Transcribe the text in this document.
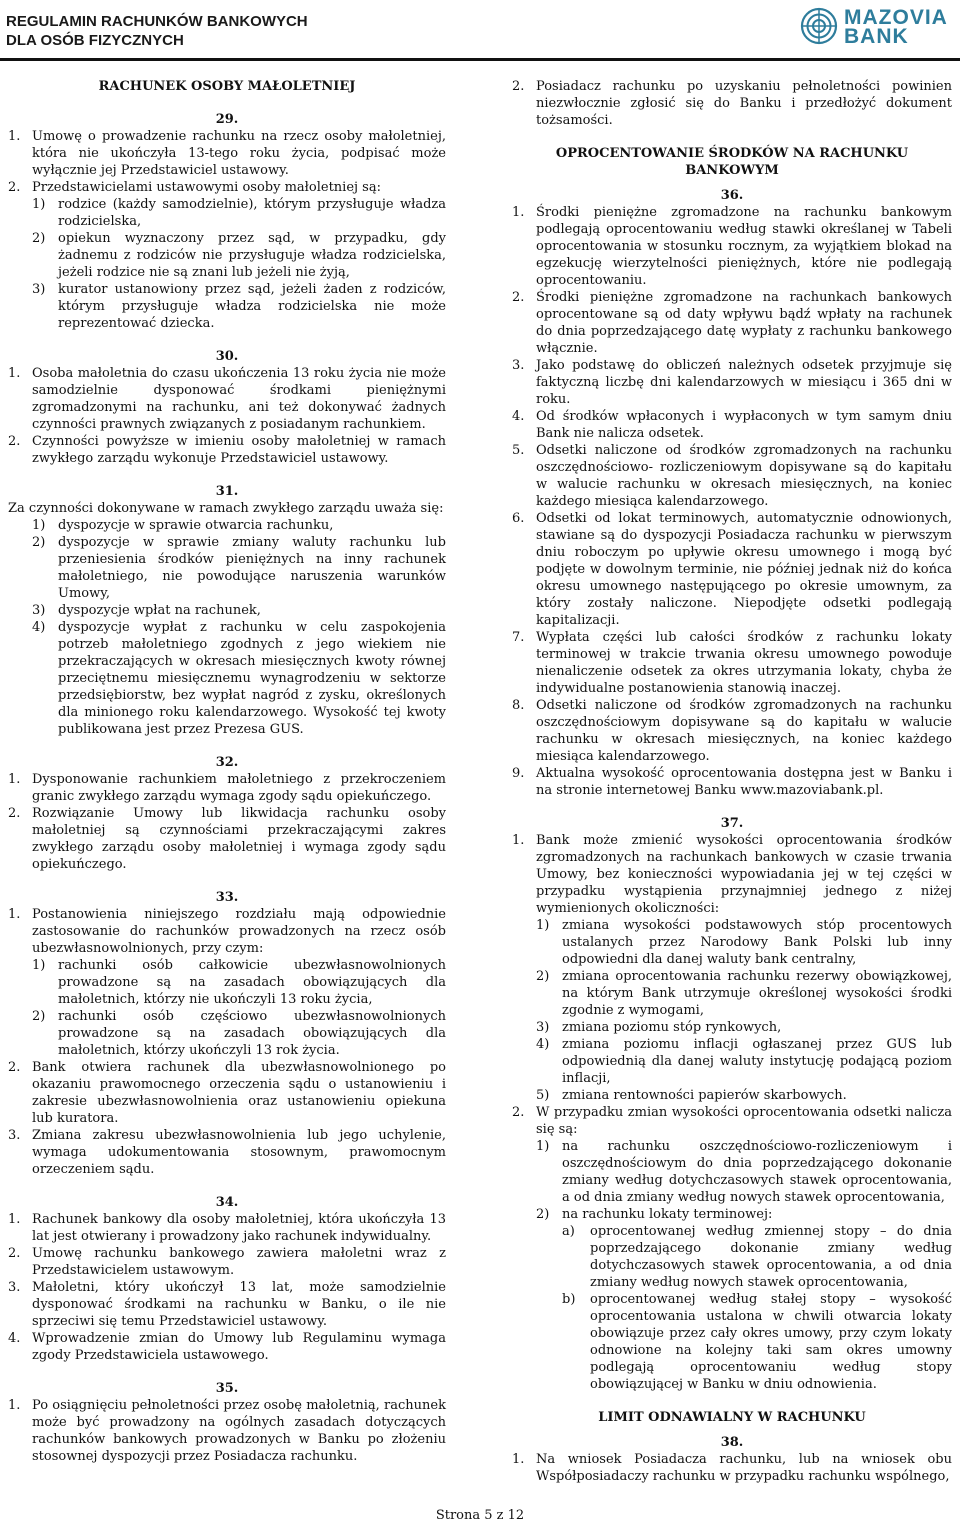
REGULAMIN RACHUNKÓW BANKOWYCH
DLA OSÓB FIZYCZNYCH
MAZOVIA
BANK

RACHUNEK OSOBY MAŁOLETNIEJ

29.

1. Umowę o prowadzenie rachunku na rzecz osoby małoletniej, która nie ukończyła 13-tego roku życia, podpisać może wyłącznie jej Przedstawiciel ustawowy.
2. Przedstawicielami ustawowymi osoby małoletniej są:
1) rodzice (każdy samodzielnie), którym przysługuje władza rodzicielska,
2) opiekun wyznaczony przez sąd, w przypadku, gdy żadnemu z rodziców nie przysługuje władza rodzicielska, jeżeli rodzice nie są znani lub jeżeli nie żyją,
3) kurator ustanowiony przez sąd, jeżeli żaden z rodziców, którym przysługuje władza rodzicielska nie może reprezentować dziecka.

30.

1. Osoba małoletnia do czasu ukończenia 13 roku życia nie może samodzielnie dysponować środkami pieniężnymi zgromadzonymi na rachunku, ani też dokonywać żadnych czynności prawnych związanych z posiadanym rachunkiem.
2. Czynności powyższe w imieniu osoby małoletniej w ramach zwykłego zarządu wykonuje Przedstawiciel ustawowy.

31.

Za czynności dokonywane w ramach zwykłego zarządu uważa się:

1) dyspozycje w sprawie otwarcia rachunku,
2) dyspozycje w sprawie zmiany waluty rachunku lub przeniesienia środków pieniężnych na inny rachunek małoletniego, nie powodujące naruszenia warunków Umowy,
3) dyspozycje wpłat na rachunek,
4) dyspozycje wypłat z rachunku w celu zaspokojenia potrzeb małoletniego zgodnych z jego wiekiem nie przekraczających w okresach miesięcznych kwoty równej przeciętnemu miesięcznemu wynagrodzeniu w sektorze przedsiębiorstw, bez wypłat nagród z zysku, określonych dla minionego roku kalendarzowego. Wysokość tej kwoty publikowana jest przez Prezesa GUS.

32.

1. Dysponowanie rachunkiem małoletniego z przekroczeniem granic zwykłego zarządu wymaga zgody sądu opiekuńczego.
2. Rozwiązanie Umowy lub likwidacja rachunku osoby małoletniej są czynnościami przekraczającymi zakres zwykłego zarządu osoby małoletniej i wymaga zgody sądu opiekuńczego.

33.

1. Postanowienia niniejszego rozdziału mają odpowiednie zastosowanie do rachunków prowadzonych na rzecz osób ubezwłasnowolnionych, przy czym:
1) rachunki osób całkowicie ubezwłasnowolnionych prowadzone są na zasadach obowiązujących dla małoletnich, którzy nie ukończyli 13 roku życia,
2) rachunki osób częściowo ubezwłasnowolnionych prowadzone są na zasadach obowiązujących dla małoletnich, którzy ukończyli 13 rok życia.
2. Bank otwiera rachunek dla ubezwłasnowolnionego po okazaniu prawomocnego orzeczenia sądu o ustanowieniu i zakresie ubezwłasnowolnienia oraz ustanowieniu opiekuna lub kuratora.
3. Zmiana zakresu ubezwłasnowolnienia lub jego uchylenie, wymaga udokumentowania stosownym, prawomocnym orzeczeniem sądu.

34.

1. Rachunek bankowy dla osoby małoletniej, która ukończyła 13 lat jest otwierany i prowadzony jako rachunek indywidualny.
2. Umowę rachunku bankowego zawiera małoletni wraz z Przedstawicielem ustawowym.
3. Małoletni, który ukończył 13 lat, może samodzielnie dysponować środkami na rachunku w Banku, o ile nie sprzeciwi się temu Przedstawiciel ustawowy.
4. Wprowadzenie zmian do Umowy lub Regulaminu wymaga zgody Przedstawiciela ustawowego.

35.

1. Po osiągnięciu pełnoletności przez osobę małoletnią, rachunek może być prowadzony na ogólnych zasadach dotyczących rachunków bankowych prowadzonych w Banku po złożeniu stosownej dyspozycji przez Posiadacza rachunku.
2. Posiadacz rachunku po uzyskaniu pełnoletności powinien niezwłocznie zgłosić się do Banku i przedłożyć dokument tożsamości.

OPROCENTOWANIE ŚRODKÓW NA RACHUNKU BANKOWYM

36.

1. Środki pieniężne zgromadzone na rachunku bankowym podlegają oprocentowaniu według stawki określanej w Tabeli oprocentowania w stosunku rocznym, za wyjątkiem blokad na egzekucję wierzytelności pieniężnych, które nie podlegają oprocentowaniu.
2. Środki pieniężne zgromadzone na rachunkach bankowych oprocentowane są od daty wpływu bądź wpłaty na rachunek do dnia poprzedzającego datę wypłaty z rachunku bankowego włącznie.
3. Jako podstawę do obliczeń należnych odsetek przyjmuje się faktyczną liczbę dni kalendarzowych w miesiącu i 365 dni w roku.
4. Od środków wpłaconych i wypłaconych w tym samym dniu Bank nie nalicza odsetek.
5. Odsetki naliczone od środków zgromadzonych na rachunku oszczędnościowo- rozliczeniowym dopisywane są do kapitału w walucie rachunku w okresach miesięcznych, na koniec każdego miesiąca kalendarzowego.
6. Odsetki od lokat terminowych, automatycznie odnowionych, stawiane są do dyspozycji Posiadacza rachunku w pierwszym dniu roboczym po upływie okresu umownego i mogą być podjęte w dowolnym terminie, nie później jednak niż do końca okresu umownego następującego po okresie umownym, za który zostały naliczone. Niepodjęte odsetki podlegają kapitalizacji.
7. Wypłata części lub całości środków z rachunku lokaty terminowej w trakcie trwania okresu umownego powoduje nienaliczenie odsetek za okres utrzymania lokaty, chyba że indywidualne postanowienia stanowią inaczej.
8. Odsetki naliczone od środków zgromadzonych na rachunku oszczędnościowym dopisywane są do kapitału w walucie rachunku w okresach miesięcznych, na koniec każdego miesiąca kalendarzowego.
9. Aktualna wysokość oprocentowania dostępna jest w Banku i na stronie internetowej Banku www.mazoviabank.pl.

37.

1. Bank może zmienić wysokości oprocentowania środków zgromadzonych na rachunkach bankowych w czasie trwania Umowy, bez konieczności wypowiadania jej w tej części w przypadku wystąpienia przynajmniej jednego z niżej wymienionych okoliczności:
1) zmiana wysokości podstawowych stóp procentowych ustalanych przez Narodowy Bank Polski lub inny odpowiedni dla danej waluty bank centralny,
2) zmiana oprocentowania rachunku rezerwy obowiązkowej, na którym Bank utrzymuje określonej wysokości środki zgodnie z wymogami,
3) zmiana poziomu stóp rynkowych,
4) zmiana poziomu inflacji ogłaszanej przez GUS lub odpowiednią dla danej waluty instytucję podającą poziom inflacji,
5) zmiana rentowności papierów skarbowych.
2. W przypadku zmian wysokości oprocentowania odsetki nalicza się są:
1) na rachunku oszczędnościowo-rozliczeniowym i oszczędnościowym do dnia poprzedzającego dokonanie zmiany według dotychczasowych stawek oprocentowania, a od dnia zmiany według nowych stawek oprocentowania,
2) na rachunku lokaty terminowej:
a)	oprocentowanej według zmiennej stopy – do dnia poprzedzającego dokonanie zmiany według dotychczasowych stawek oprocentowania, a od dnia zmiany według nowych stawek oprocentowania,
b)	oprocentowanej według stałej stopy – wysokość oprocentowania ustalona w chwili otwarcia lokaty obowiązuje przez cały okres umowy, przy czym lokaty odnowione na kolejny taki sam okres umowny podlegają oprocentowaniu według stopy obowiązującej w Banku w dniu odnowienia.

LIMIT ODNAWIALNY W RACHUNKU

38.

1. Na wniosek Posiadacza rachunku, lub na wniosek obu Współposiadaczy rachunku w przypadku rachunku wspólnego,
Strona 5 z 12
